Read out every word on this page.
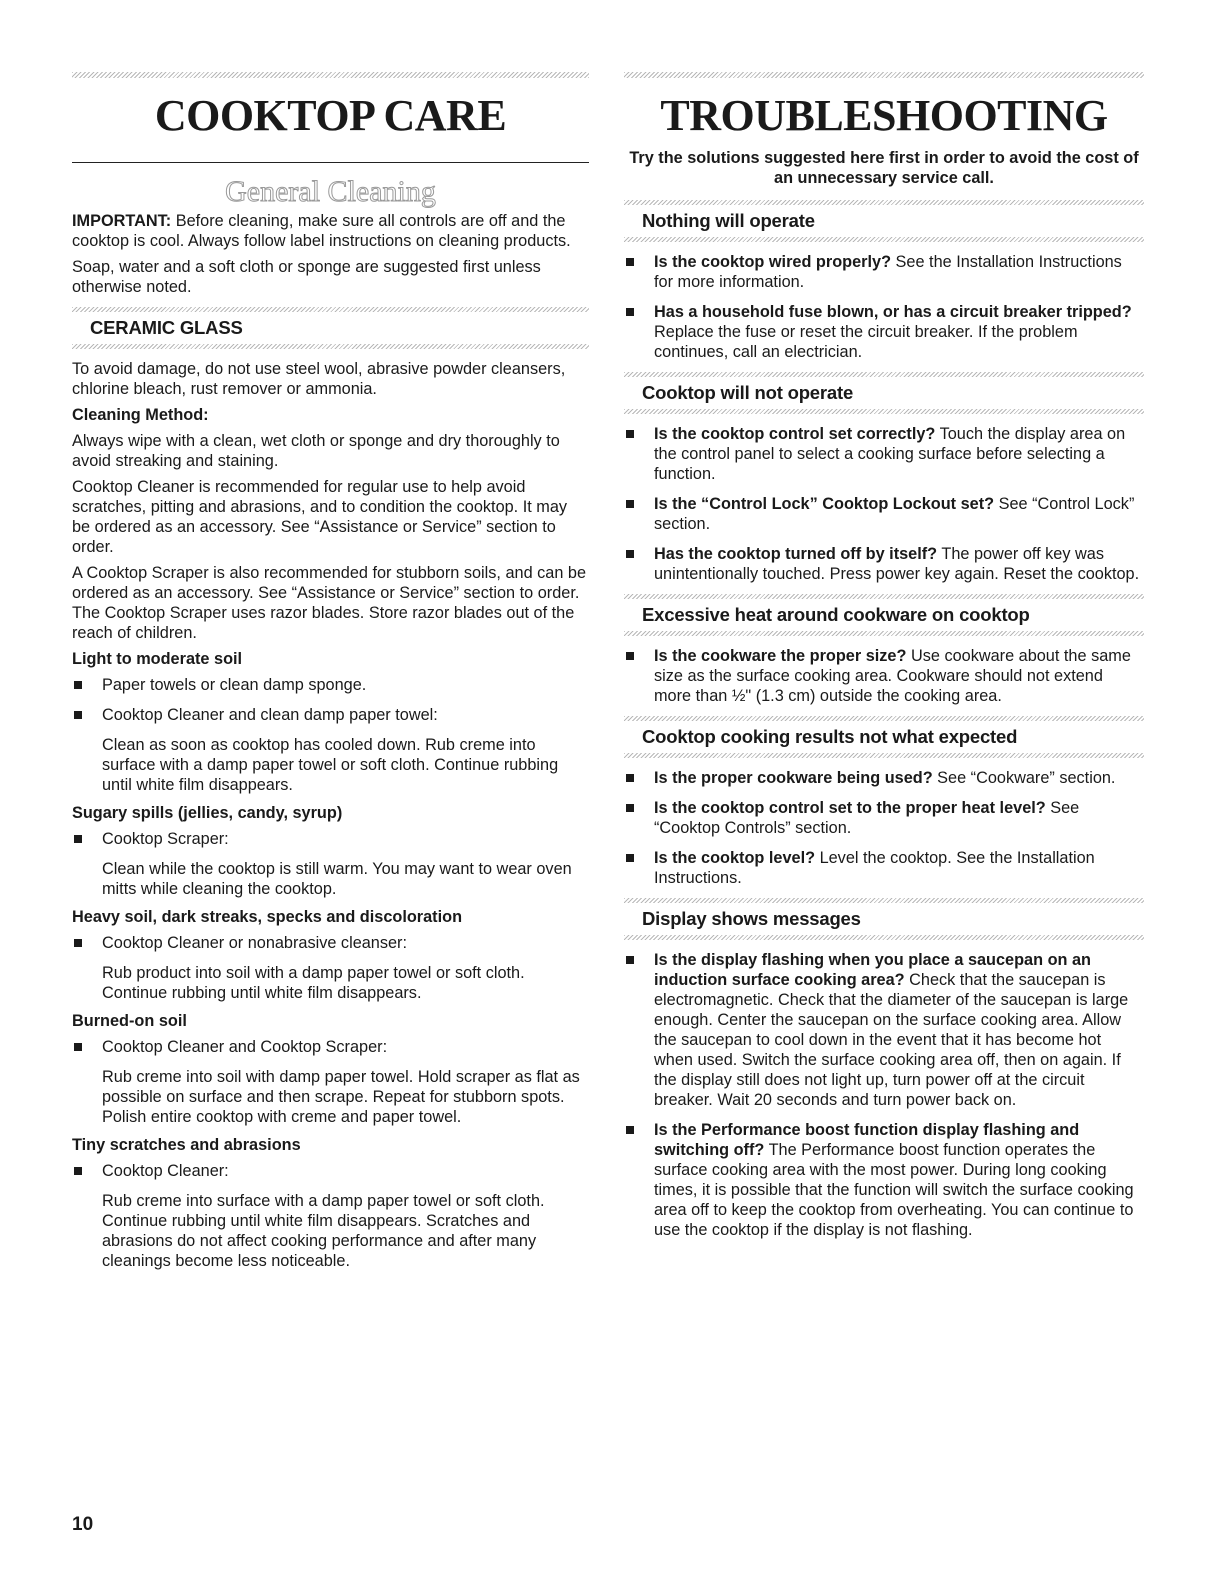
COOKTOP CARE
General Cleaning

IMPORTANT: Before cleaning, make sure all controls are off and the cooktop is cool. Always follow label instructions on cleaning products.

Soap, water and a soft cloth or sponge are suggested first unless otherwise noted.

CERAMIC GLASS

To avoid damage, do not use steel wool, abrasive powder cleansers, chlorine bleach, rust remover or ammonia.

Cleaning Method:

Always wipe with a clean, wet cloth or sponge and dry thoroughly to avoid streaking and staining.

Cooktop Cleaner is recommended for regular use to help avoid scratches, pitting and abrasions, and to condition the cooktop. It may be ordered as an accessory. See “Assistance or Service” section to order.

A Cooktop Scraper is also recommended for stubborn soils, and can be ordered as an accessory. See “Assistance or Service” section to order. The Cooktop Scraper uses razor blades. Store razor blades out of the reach of children.

Light to moderate soil
Paper towels or clean damp sponge.
Cooktop Cleaner and clean damp paper towel:
Clean as soon as cooktop has cooled down. Rub creme into surface with a damp paper towel or soft cloth. Continue rubbing until white film disappears.
Sugary spills (jellies, candy, syrup)
Cooktop Scraper:
Clean while the cooktop is still warm. You may want to wear oven mitts while cleaning the cooktop.
Heavy soil, dark streaks, specks and discoloration
Cooktop Cleaner or nonabrasive cleanser:
Rub product into soil with a damp paper towel or soft cloth. Continue rubbing until white film disappears.
Burned-on soil
Cooktop Cleaner and Cooktop Scraper:
Rub creme into soil with damp paper towel. Hold scraper as flat as possible on surface and then scrape. Repeat for stubborn spots. Polish entire cooktop with creme and paper towel.
Tiny scratches and abrasions
Cooktop Cleaner:
Rub creme into surface with a damp paper towel or soft cloth. Continue rubbing until white film disappears. Scratches and abrasions do not affect cooking performance and after many cleanings become less noticeable.
TROUBLESHOOTING
Try the solutions suggested here first in order to avoid the cost of an unnecessary service call.
Nothing will operate
Is the cooktop wired properly? See the Installation Instructions for more information.
Has a household fuse blown, or has a circuit breaker tripped? Replace the fuse or reset the circuit breaker. If the problem continues, call an electrician.
Cooktop will not operate
Is the cooktop control set correctly? Touch the display area on the control panel to select a cooking surface before selecting a function.
Is the “Control Lock” Cooktop Lockout set? See “Control Lock” section.
Has the cooktop turned off by itself? The power off key was unintentionally touched. Press power key again. Reset the cooktop.
Excessive heat around cookware on cooktop
Is the cookware the proper size? Use cookware about the same size as the surface cooking area. Cookware should not extend more than ½" (1.3 cm) outside the cooking area.
Cooktop cooking results not what expected
Is the proper cookware being used? See “Cookware” section.
Is the cooktop control set to the proper heat level? See “Cooktop Controls” section.
Is the cooktop level? Level the cooktop. See the Installation Instructions.
Display shows messages
Is the display flashing when you place a saucepan on an induction surface cooking area? Check that the saucepan is electromagnetic. Check that the diameter of the saucepan is large enough. Center the saucepan on the surface cooking area. Allow the saucepan to cool down in the event that it has become hot when used. Switch the surface cooking area off, then on again. If the display still does not light up, turn power off at the circuit breaker. Wait 20 seconds and turn power back on.
Is the Performance boost function display flashing and switching off? The Performance boost function operates the surface cooking area with the most power. During long cooking times, it is possible that the function will switch the surface cooking area off to keep the cooktop from overheating. You can continue to use the cooktop if the display is not flashing.
10
